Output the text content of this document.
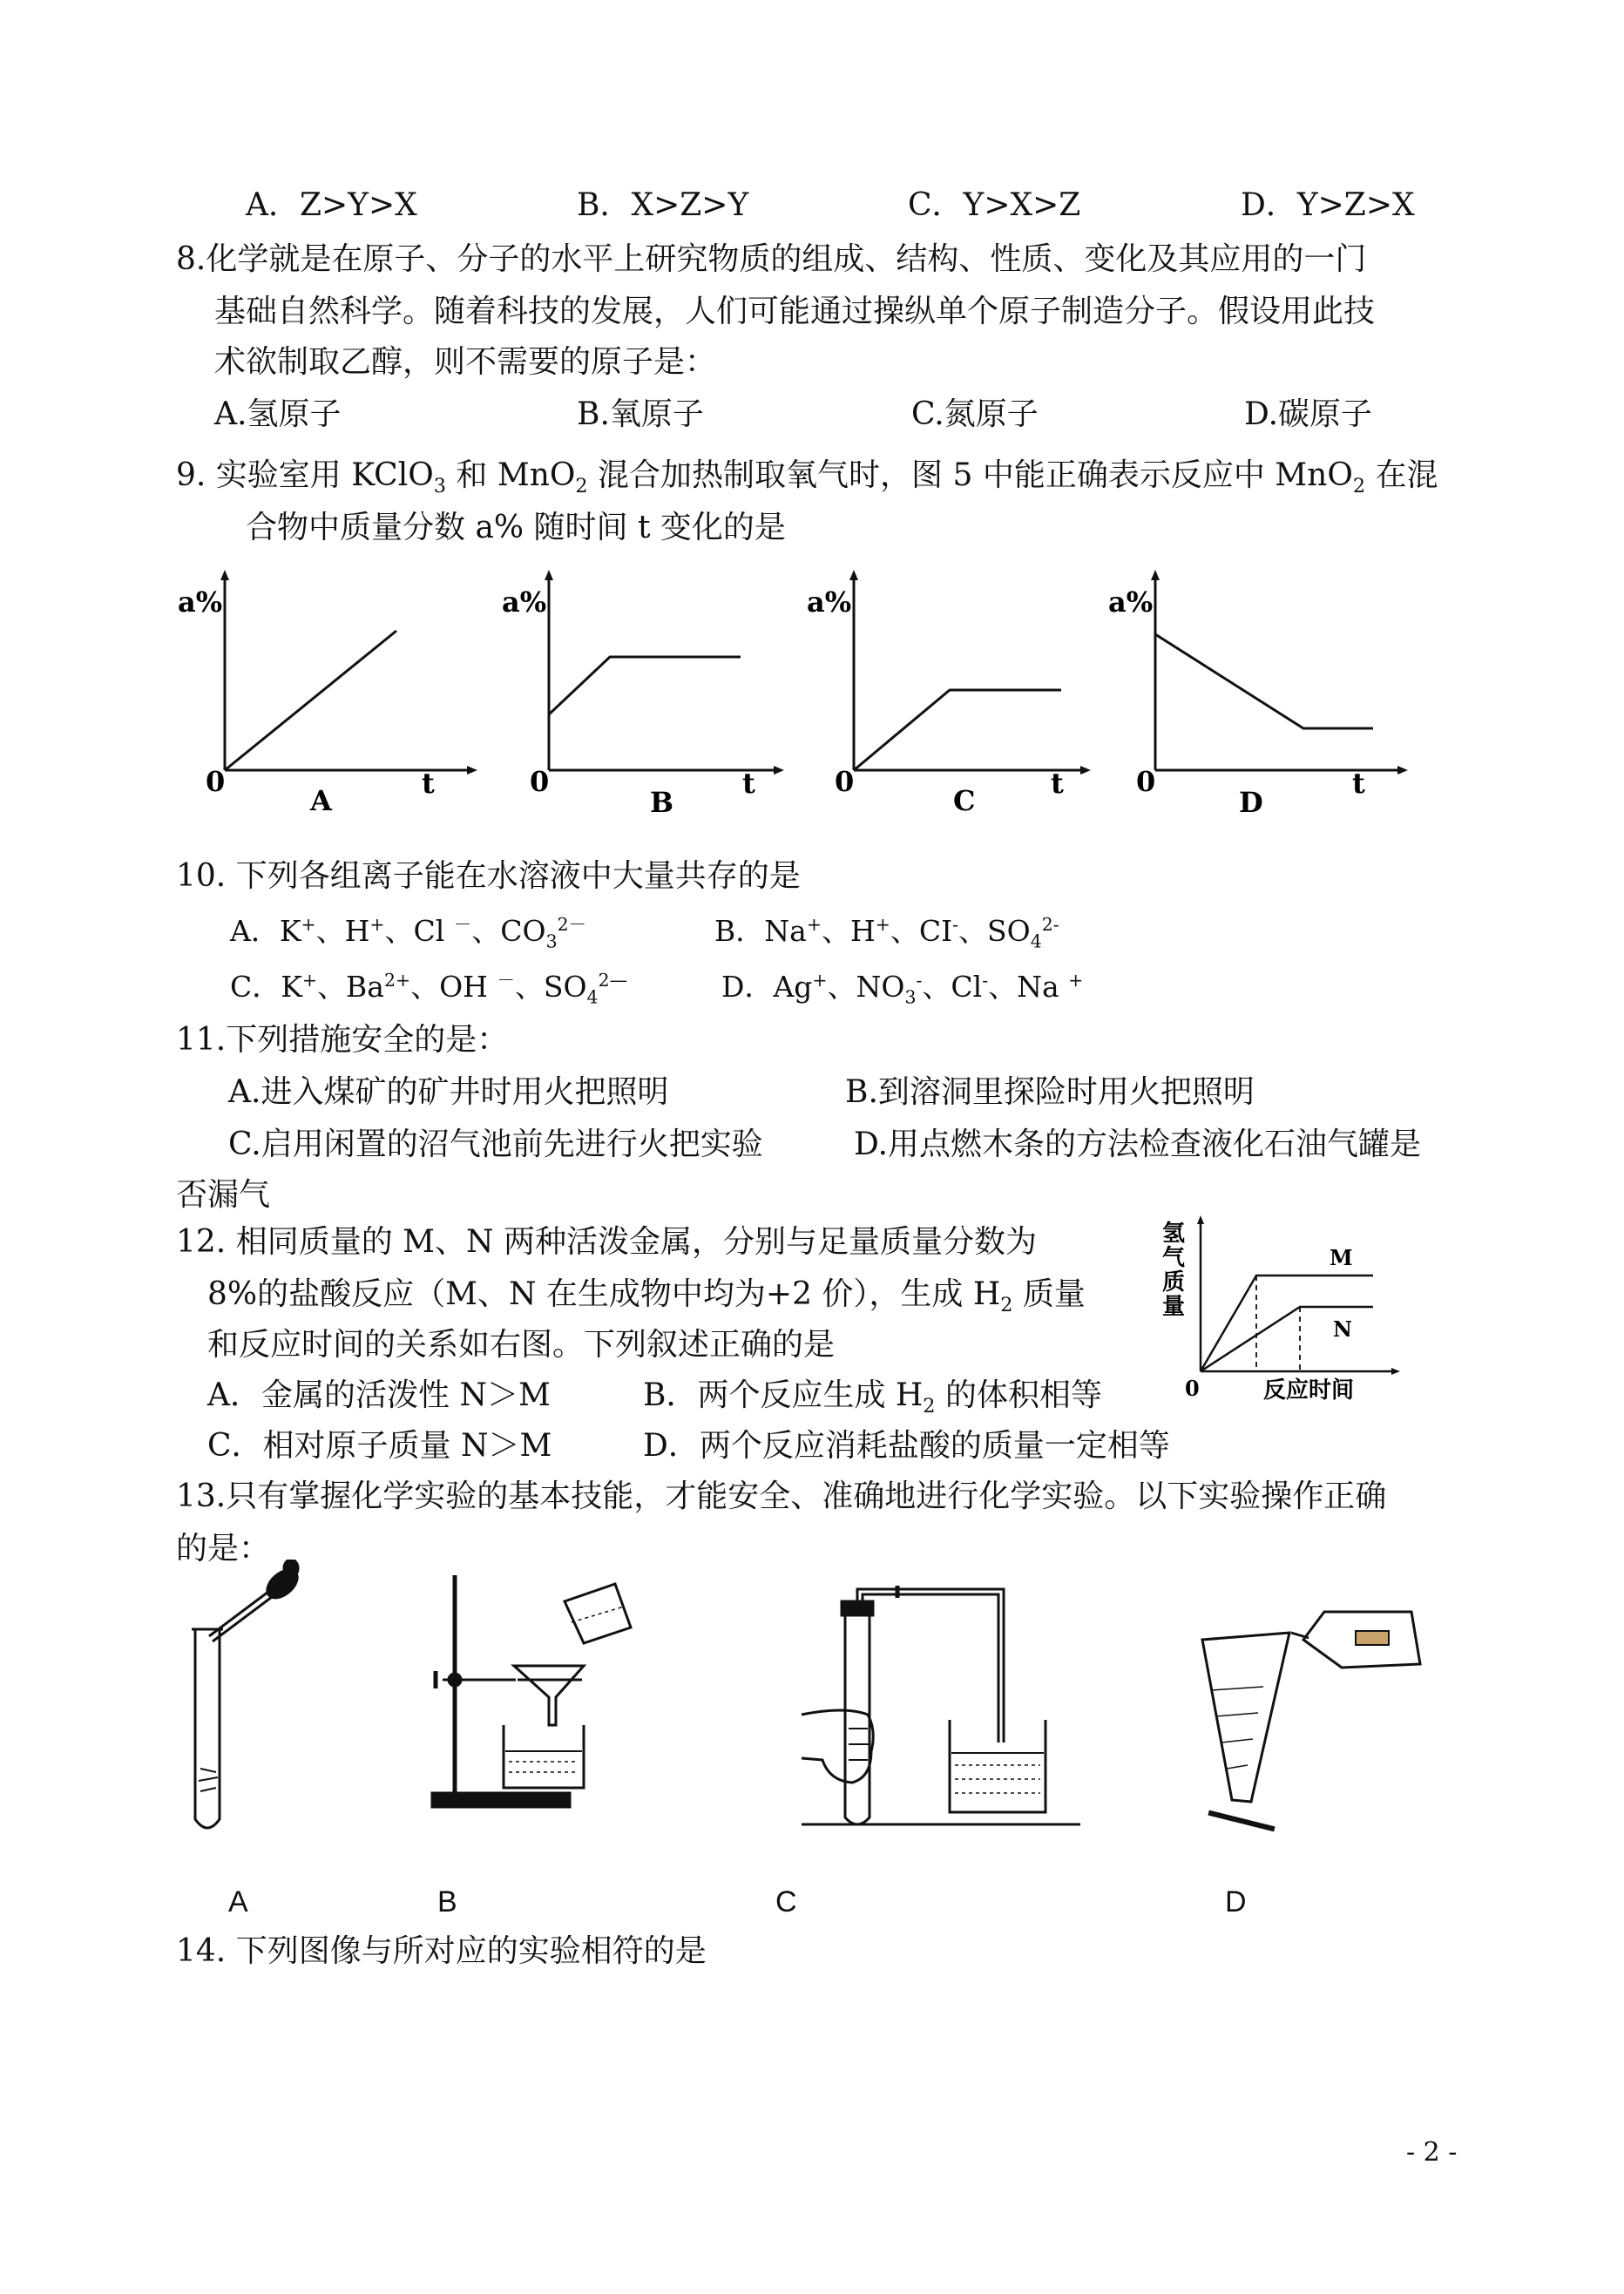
A．Z>Y>X	B．X>Z>Y	C．Y>X>Z	D．Y>Z>X
8.化学就是在原子、分子的水平上研究物质的组成、结构、性质、变化及其应用的一门
基础自然科学。随着科技的发展，人们可能通过操纵单个原子制造分子。假设用此技
术欲制取乙醇，则不需要的原子是：
A.氢原子	B.氧原子	C.氮原子	D.碳原子
9. 实验室用 KClO$_3$ 和 MnO$_2$ 混合加热制取氧气时，图 5 中能正确表示反应中 MnO$_2$ 在混
合物中质量分数 a% 随时间 t 变化的是
a%
0	t
A
a%
0	t
B
a%
0	t
C
a%
0	t
D
10. 下列各组离子能在水溶液中大量共存的是
A．K+、H+、Cl －、$CO_3^{2-}$	B．Na+、H+、CI-、$SO_4^{2-}$
C．K+、$Ba^{2+}$、OH －、$SO_4^{2—}$	D．Ag+、$NO_3^-$、Cl-、Na +
11.下列措施安全的是：
A.进入煤矿的矿井时用火把照明	B.到溶洞里探险时用火把照明
C.启用闲置的沼气池前先进行火把实验	D.用点燃木条的方法检查液化石油气罐是
否漏气
12. 相同质量的 M、N 两种活泼金属，分别与足量质量分数为
8%的盐酸反应（M、N 在生成物中均为+2 价），生成 $H_2$ 质量
和反应时间的关系如右图。下列叙述正确的是
A．金属的活泼性 N＞M	B．两个反应生成 $H_2$ 的体积相等
C．相对原子质量 N＞M	D．两个反应消耗盐酸的质量一定相等
氢
气
质
量
M
N
0	反应时间
13.只有掌握化学实验的基本技能，才能安全、准确地进行化学实验。以下实验操作正确
的是：
A	B	C	D
14. 下列图像与所对应的实验相符的是
- 2 -
